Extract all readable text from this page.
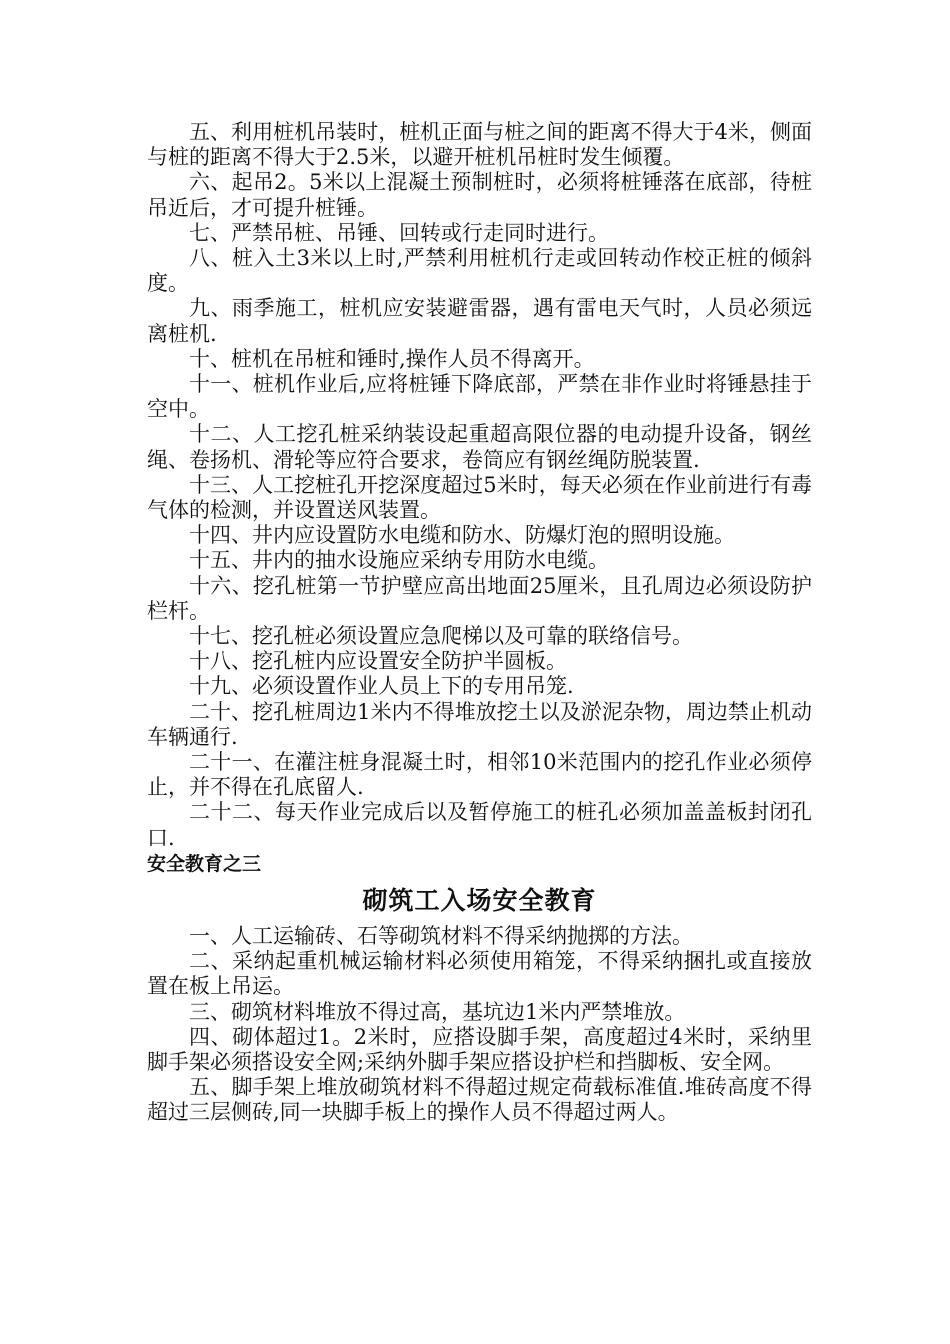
五、利用桩机吊装时，桩机正面与桩之间的距离不得大于4米，侧面与桩的距离不得大于2.5米，以避开桩机吊桩时发生倾覆。

六、起吊2。5米以上混凝土预制桩时，必须将桩锤落在底部，待桩吊近后，才可提升桩锤。

七、严禁吊桩、吊锤、回转或行走同时进行。

八、桩入土3米以上时,严禁利用桩机行走或回转动作校正桩的倾斜度。

九、雨季施工，桩机应安装避雷器，遇有雷电天气时，人员必须远离桩机.

十、桩机在吊桩和锤时,操作人员不得离开。

十一、桩机作业后,应将桩锤下降底部，严禁在非作业时将锤悬挂于空中。

十二、人工挖孔桩采纳装设起重超高限位器的电动提升设备，钢丝绳、卷扬机、滑轮等应符合要求，卷筒应有钢丝绳防脱装置.

十三、人工挖桩孔开挖深度超过5米时，每天必须在作业前进行有毒气体的检测，并设置送风装置。

十四、井内应设置防水电缆和防水、防爆灯泡的照明设施。

十五、井内的抽水设施应采纳专用防水电缆。

十六、挖孔桩第一节护壁应高出地面25厘米，且孔周边必须设防护栏杆。

十七、挖孔桩必须设置应急爬梯以及可靠的联络信号。

十八、挖孔桩内应设置安全防护半圆板。

十九、必须设置作业人员上下的专用吊笼.

二十、挖孔桩周边1米内不得堆放挖土以及淤泥杂物，周边禁止机动车辆通行.

二十一、在灌注桩身混凝土时，相邻10米范围内的挖孔作业必须停止，并不得在孔底留人.

二十二、每天作业完成后以及暂停施工的桩孔必须加盖盖板封闭孔口.

安全教育之三

砌筑工入场安全教育

一、人工运输砖、石等砌筑材料不得采纳抛掷的方法。

二、采纳起重机械运输材料必须使用箱笼，不得采纳捆扎或直接放置在板上吊运。

三、砌筑材料堆放不得过高，基坑边1米内严禁堆放。

四、砌体超过1。2米时，应搭设脚手架，高度超过4米时，采纳里脚手架必须搭设安全网;采纳外脚手架应搭设护栏和挡脚板、安全网。

五、脚手架上堆放砌筑材料不得超过规定荷载标准值.堆砖高度不得超过三层侧砖,同一块脚手板上的操作人员不得超过两人。
